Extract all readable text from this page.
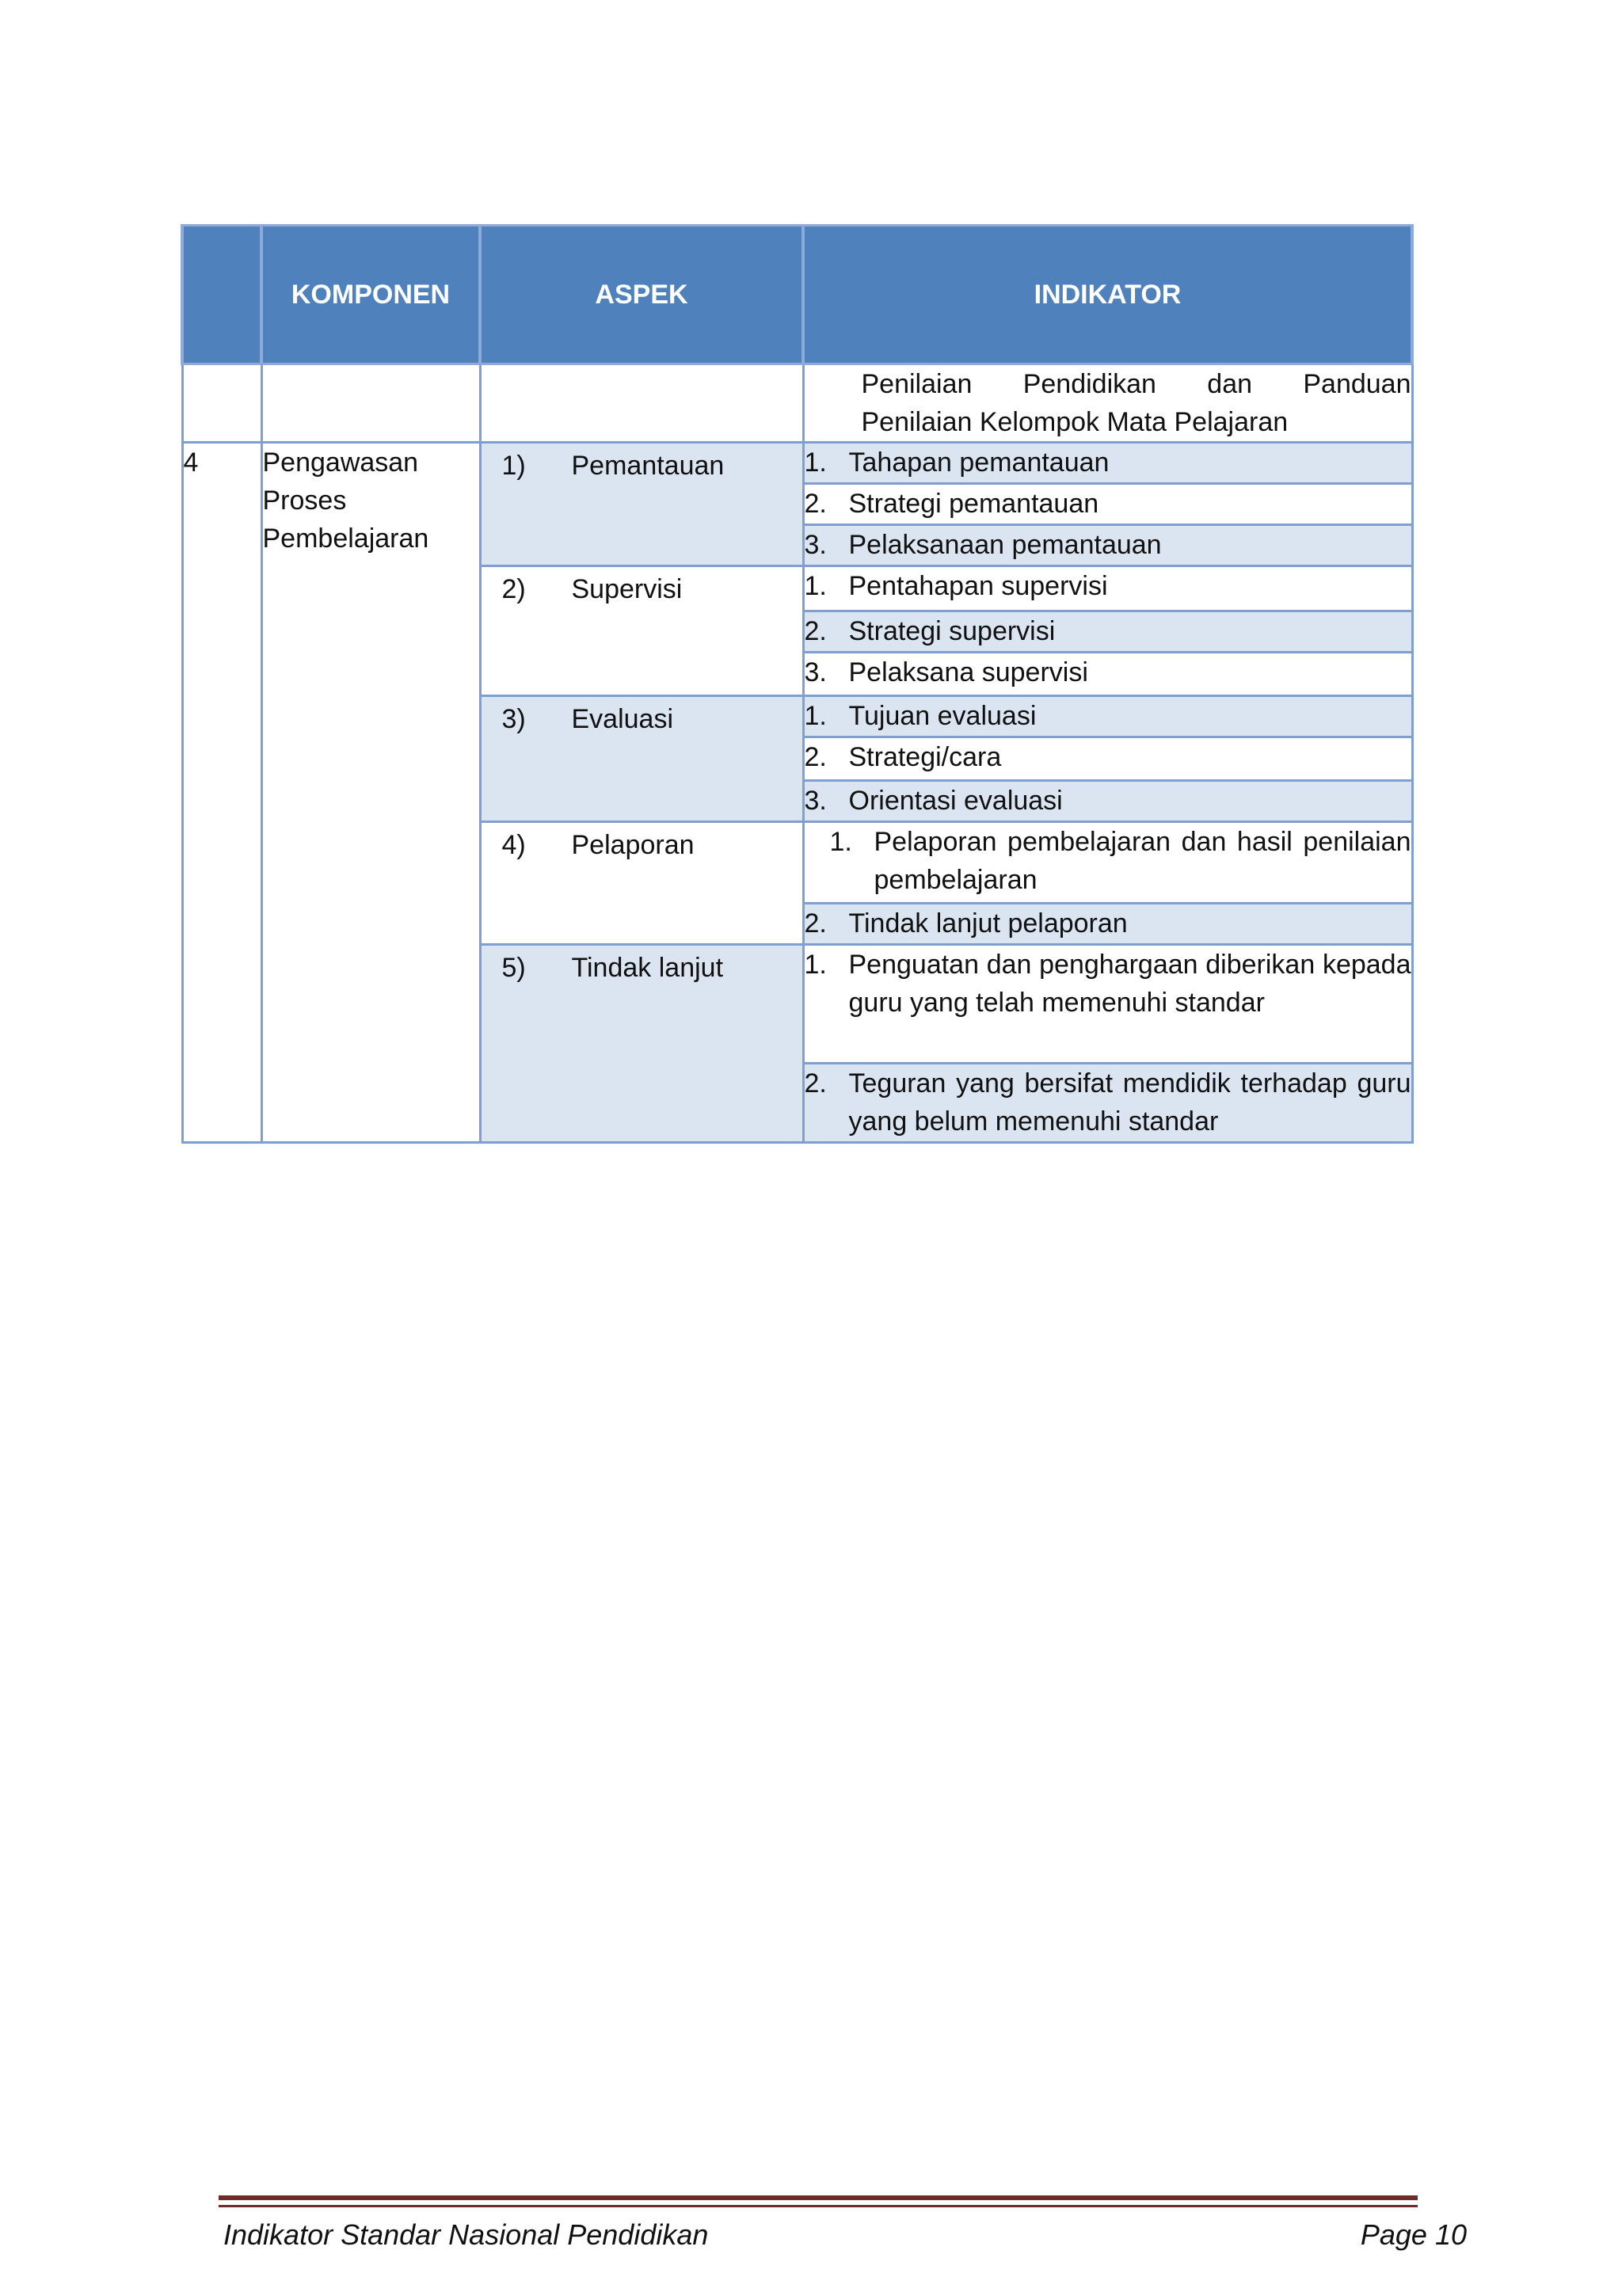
	KOMPONEN	ASPEK	INDIKATOR

			Penilaian Pendidikan dan Panduan
Penilaian Kelompok Mata Pelajaran

4	Pengawasan Proses Pembelajaran	1) Pemantauan	1. Tahapan pemantauan

			2. Strategi pemantauan

			3. Pelaksanaan pemantauan

		2) Supervisi	1. Pentahapan supervisi

			2. Strategi supervisi

			3. Pelaksana supervisi

		3) Evaluasi	1. Tujuan evaluasi

			2. Strategi/cara

			3. Orientasi evaluasi

		4) Pelaporan	1. Pelaporan pembelajaran dan hasil penilaian pembelajaran

			2. Tindak lanjut pelaporan

		5) Tindak lanjut	1. Penguatan dan penghargaan diberikan kepada guru yang telah memenuhi standar

			2. Teguran yang bersifat mendidik terhadap guru yang belum memenuhi standar

Indikator Standar Nasional Pendidikan	Page 10
